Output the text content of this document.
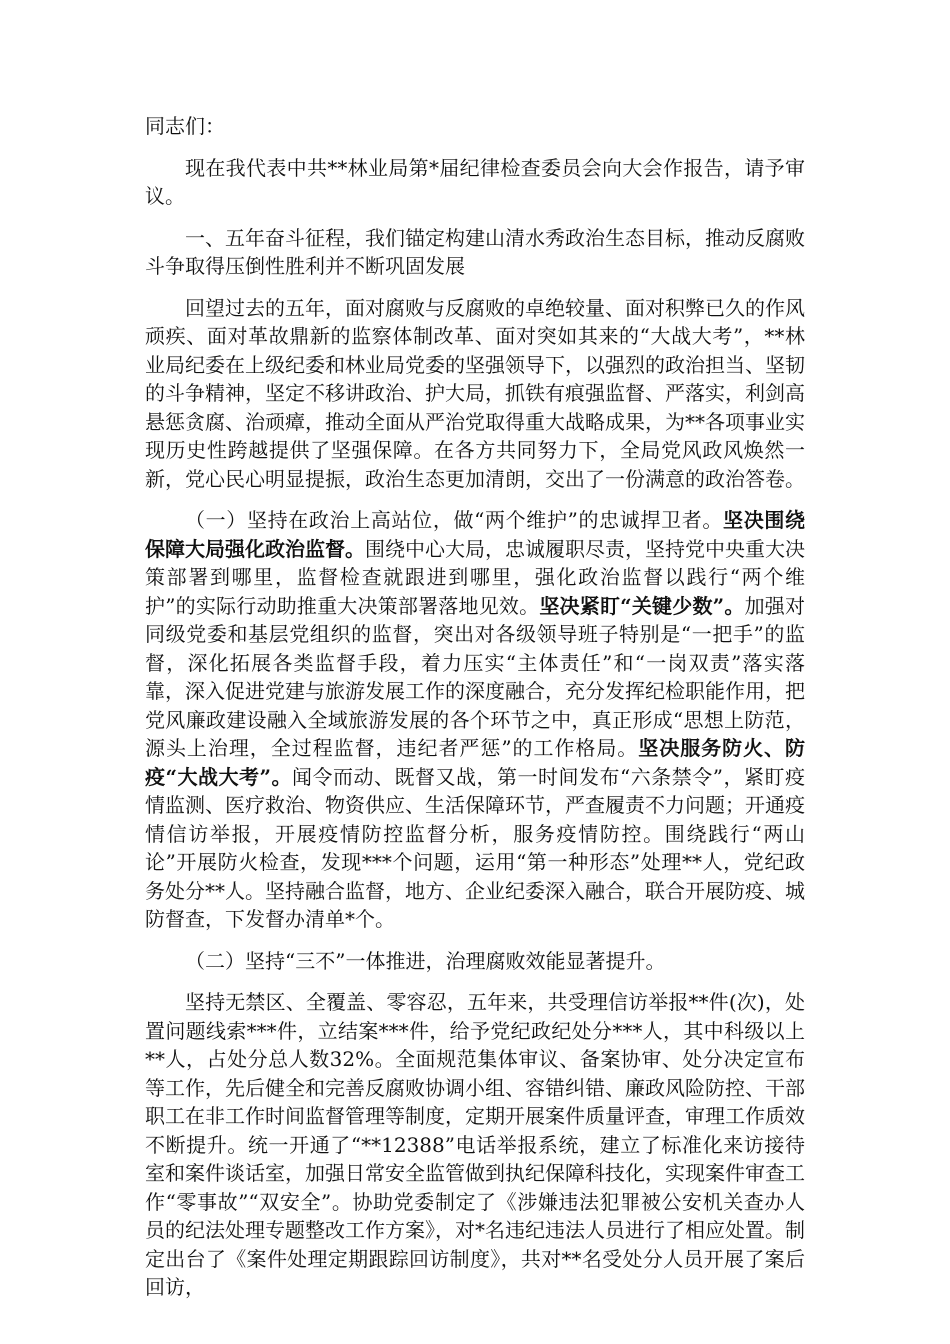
同志们：

现在我代表中共**林业局第*届纪律检查委员会向大会作报告，请予审议。

一、五年奋斗征程，我们锚定构建山清水秀政治生态目标，推动反腐败斗争取得压倒性胜利并不断巩固发展

回望过去的五年，面对腐败与反腐败的卓绝较量、面对积弊已久的作风顽疾、面对革故鼎新的监察体制改革、面对突如其来的“大战大考”，**林业局纪委在上级纪委和林业局党委的坚强领导下，以强烈的政治担当、坚韧的斗争精神，坚定不移讲政治、护大局，抓铁有痕强监督、严落实，利剑高悬惩贪腐、治顽瘴，推动全面从严治党取得重大战略成果，为**各项事业实现历史性跨越提供了坚强保障。在各方共同努力下，全局党风政风焕然一新，党心民心明显提振，政治生态更加清朗，交出了一份满意的政治答卷。

（一）坚持在政治上高站位，做“两个维护”的忠诚捍卫者。坚决围绕保障大局强化政治监督。围绕中心大局，忠诚履职尽责，坚持党中央重大决策部署到哪里，监督检查就跟进到哪里，强化政治监督以践行“两个维护”的实际行动助推重大决策部署落地见效。坚决紧盯“关键少数”。加强对同级党委和基层党组织的监督，突出对各级领导班子特别是“一把手”的监督，深化拓展各类监督手段，着力压实“主体责任”和“一岗双责”落实落靠，深入促进党建与旅游发展工作的深度融合，充分发挥纪检职能作用，把党风廉政建设融入全域旅游发展的各个环节之中，真正形成“思想上防范，源头上治理，全过程监督，违纪者严惩”的工作格局。坚决服务防火、防疫“大战大考”。闻令而动、既督又战，第一时间发布“六条禁令”，紧盯疫情监测、医疗救治、物资供应、生活保障环节，严查履责不力问题；开通疫情信访举报，开展疫情防控监督分析，服务疫情防控。围绕践行“两山论”开展防火检查，发现***个问题，运用“第一种形态”处理**人，党纪政务处分**人。坚持融合监督，地方、企业纪委深入融合，联合开展防疫、城防督查，下发督办清单*个。

（二）坚持“三不”一体推进，治理腐败效能显著提升。

坚持无禁区、全覆盖、零容忍，五年来，共受理信访举报**件(次)，处置问题线索***件，立结案***件，给予党纪政纪处分***人，其中科级以上**人，占处分总人数32%。全面规范集体审议、备案协审、处分决定宣布等工作，先后健全和完善反腐败协调小组、容错纠错、廉政风险防控、干部职工在非工作时间监督管理等制度，定期开展案件质量评查，审理工作质效不断提升。统一开通了“**12388”电话举报系统，建立了标准化来访接待室和案件谈话室，加强日常安全监管做到执纪保障科技化，实现案件审查工作“零事故”“双安全”。协助党委制定了《涉嫌违法犯罪被公安机关查办人员的纪法处理专题整改工作方案》，对*名违纪违法人员进行了相应处置。制定出台了《案件处理定期跟踪回访制度》，共对**名受处分人员开展了案后回访，
